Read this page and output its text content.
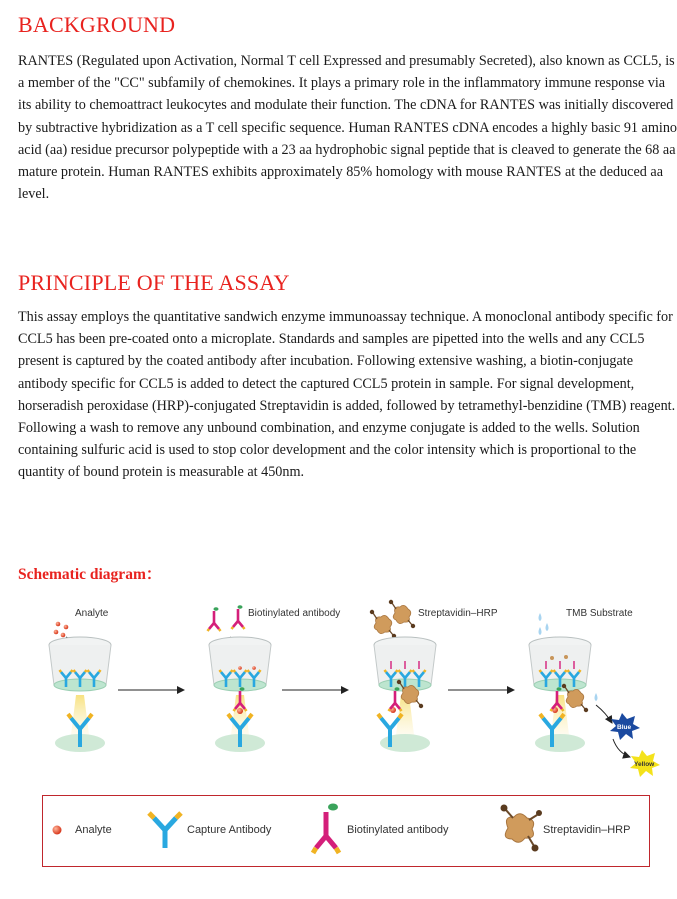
BACKGROUND
RANTES (Regulated upon Activation, Normal T cell Expressed and presumably Secreted), also known as CCL5, is a member of the "CC" subfamily of chemokines. It plays a primary role in the inflammatory immune response via its ability to chemoattract leukocytes and modulate their function. The cDNA for RANTES was initially discovered by subtractive hybridization as a T cell specific sequence. Human RANTES cDNA encodes a highly basic 91 amino acid (aa) residue precursor polypeptide with a 23 aa hydrophobic signal peptide that is cleaved to generate the 68 aa mature protein. Human RANTES exhibits approximately 85% homology with mouse RANTES at the deduced aa level.
PRINCIPLE OF THE ASSAY
This assay employs the quantitative sandwich enzyme immunoassay technique. A monoclonal antibody specific for CCL5 has been pre-coated onto a microplate. Standards and samples are pipetted into the wells and any CCL5 present is captured by the coated antibody after incubation. Following extensive washing, a biotin-conjugate antibody specific for CCL5 is added to detect the captured CCL5 protein in sample. For signal development, horseradish peroxidase (HRP)-conjugated Streptavidin is added, followed by tetramethyl-benzidine (TMB) reagent. Following a wash to remove any unbound combination, and enzyme conjugate is added to the wells. Solution containing sulfuric acid is used to stop color development and the color intensity which is proportional to the quantity of bound protein is measurable at 450nm.
Schematic diagram：
Analyte	Biotinylated antibody	Streptavidin–HRP	TMB Substrate
Blue
Yellow
Analyte	Capture Antibody	Biotinylated antibody	Streptavidin–HRP
